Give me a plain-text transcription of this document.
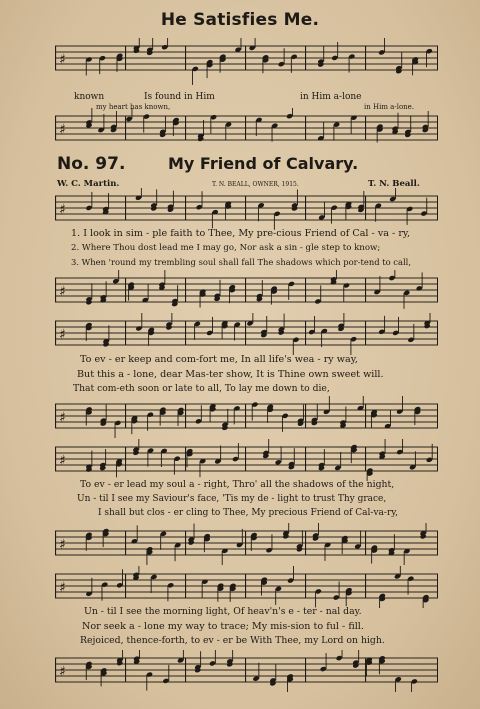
He Satisfies Me.
♯
known	Is found in Him	in Him a-lone
my heart has known,	in Him a-lone.
♯
No. 97.	My Friend of Calvary.
W. C. Martin.	T. N. BEALL, OWNER, 1915.	T. N. Beall.
♯
1. I look in sim - ple faith to Thee, My pre-cious Friend of Cal - va - ry,
2. Where Thou dost lead me I may go, Nor ask a sin - gle step to know;
3. When 'round my trembling soul shall fall The shadows which por-tend to call,
♯
♯
To ev - er keep and com-fort me, In all life's wea - ry way,
But this a - lone, dear Mas-ter show, It is Thine own sweet will.
That com-eth soon or late to all, To lay me down to die,
♯
♯
To ev - er lead my soul a - right, Thro' all the shadows of the night,
Un - til I see my Saviour's face, 'Tis my de - light to trust Thy grace,
I shall but clos - er cling to Thee, My precious Friend of Cal-va-ry,
♯
♯
Un - til I see the morning light, Of heav'n's e - ter - nal day.
Nor seek a - lone my way to trace; My mis-sion to ful - fill.
Rejoiced, thence-forth, to ev - er be With Thee, my Lord on high.
♯
